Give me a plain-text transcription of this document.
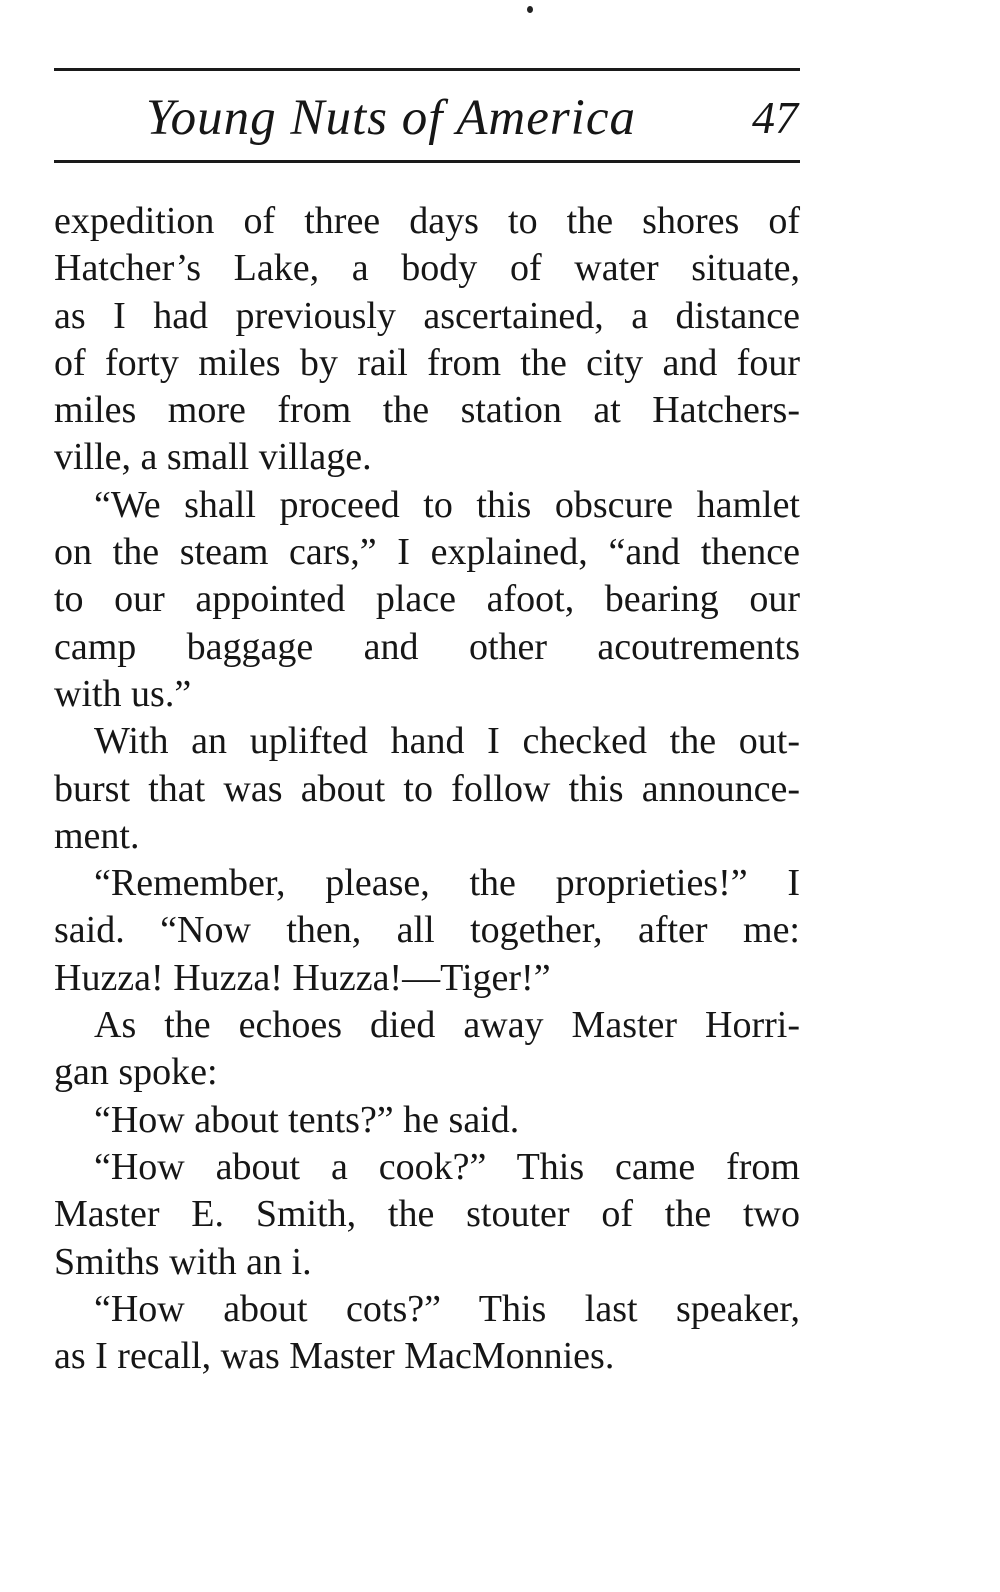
Young Nuts of America	47
expedition of three days to the shores of
Hatcher’s Lake, a body of water situate,
as I had previously ascertained, a distance
of forty miles by rail from the city and four
miles more from the station at Hatchers-
ville, a small village.
“We shall proceed to this obscure hamlet
on the steam cars,” I explained, “and thence
to our appointed place afoot, bearing our
camp baggage and other acoutrements
with us.”
With an uplifted hand I checked the out-
burst that was about to follow this announce-
ment.
“Remember, please, the proprieties!” I
said. “Now then, all together, after me:
Huzza! Huzza! Huzza!—Tiger!”
As the echoes died away Master Horri-
gan spoke:
“How about tents?” he said.
“How about a cook?” This came from
Master E. Smith, the stouter of the two
Smiths with an i.
“How about cots?” This last speaker,
as I recall, was Master MacMonnies.
